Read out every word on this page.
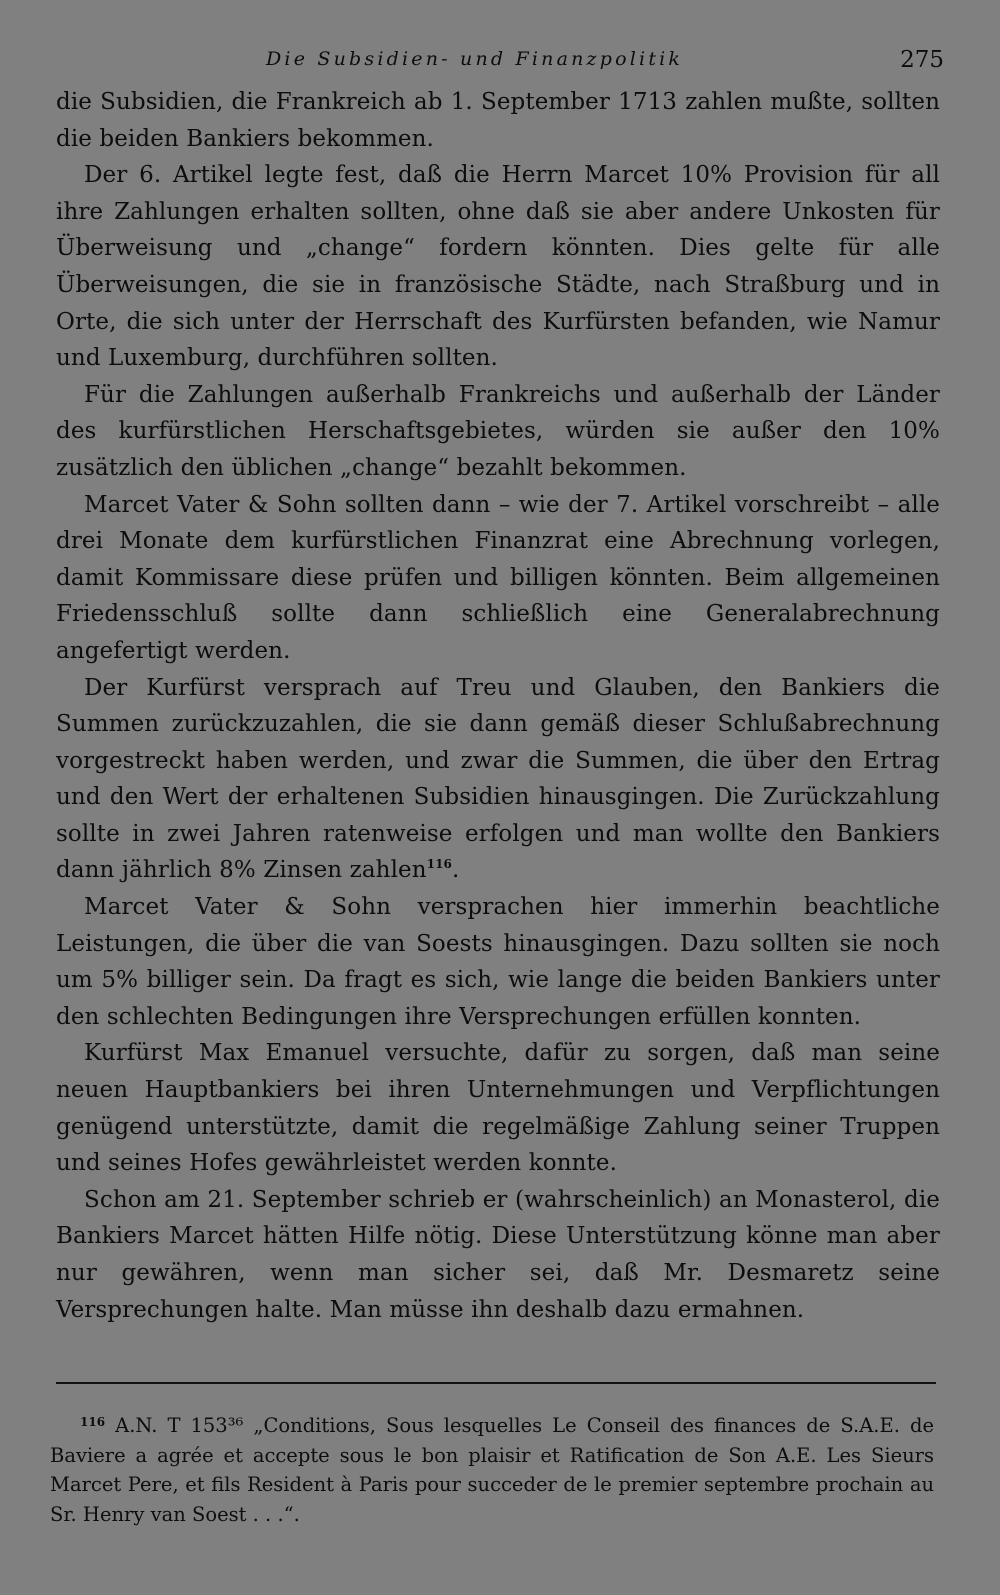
Die Subsidien- und Finanzpolitik	275

die Subsidien, die Frankreich ab 1. September 1713 zahlen mußte, sollten die beiden Bankiers bekommen.

Der 6. Artikel legte fest, daß die Herrn Marcet 10% Provision für all ihre Zahlungen erhalten sollten, ohne daß sie aber andere Unkosten für Überweisung und „change“ fordern könnten. Dies gelte für alle Überweisungen, die sie in französische Städte, nach Straßburg und in Orte, die sich unter der Herrschaft des Kurfürsten befanden, wie Namur und Luxemburg, durchführen sollten.

Für die Zahlungen außerhalb Frankreichs und außerhalb der Länder des kurfürstlichen Herschaftsgebietes, würden sie außer den 10% zusätzlich den üblichen „change“ bezahlt bekommen.

Marcet Vater & Sohn sollten dann – wie der 7. Artikel vorschreibt – alle drei Monate dem kurfürstlichen Finanzrat eine Abrechnung vorlegen, damit Kommissare diese prüfen und billigen könnten. Beim allgemeinen Friedensschluß sollte dann schließlich eine Generalabrechnung angefertigt werden.

Der Kurfürst versprach auf Treu und Glauben, den Bankiers die Summen zurückzuzahlen, die sie dann gemäß dieser Schlußabrechnung vorgestreckt haben werden, und zwar die Summen, die über den Ertrag und den Wert der erhaltenen Subsidien hinausgingen. Die Zurückzahlung sollte in zwei Jahren ratenweise erfolgen und man wollte den Bankiers dann jährlich 8% Zinsen zahlen$^{116}$.

Marcet Vater & Sohn versprachen hier immerhin beachtliche Leistungen, die über die van Soests hinausgingen. Dazu sollten sie noch um 5% billiger sein. Da fragt es sich, wie lange die beiden Bankiers unter den schlechten Bedingungen ihre Versprechungen erfüllen konnten.

Kurfürst Max Emanuel versuchte, dafür zu sorgen, daß man seine neuen Hauptbankiers bei ihren Unternehmungen und Verpflichtungen genügend unterstützte, damit die regelmäßige Zahlung seiner Truppen und seines Hofes gewährleistet werden konnte.

Schon am 21. September schrieb er (wahrscheinlich) an Monasterol, die Bankiers Marcet hätten Hilfe nötig. Diese Unterstützung könne man aber nur gewähren, wenn man sicher sei, daß Mr. Desmaretz seine Versprechungen halte. Man müsse ihn deshalb dazu ermahnen.

$^{116}$ A.N. T 153³⁶ „Conditions, Sous lesquelles Le Conseil des finances de S.A.E. de Baviere a agrée et accepte sous le bon plaisir et Ratification de Son A.E. Les Sieurs Marcet Pere, et fils Resident à Paris pour succeder de le premier septembre prochain au Sr. Henry van Soest . . .“.
